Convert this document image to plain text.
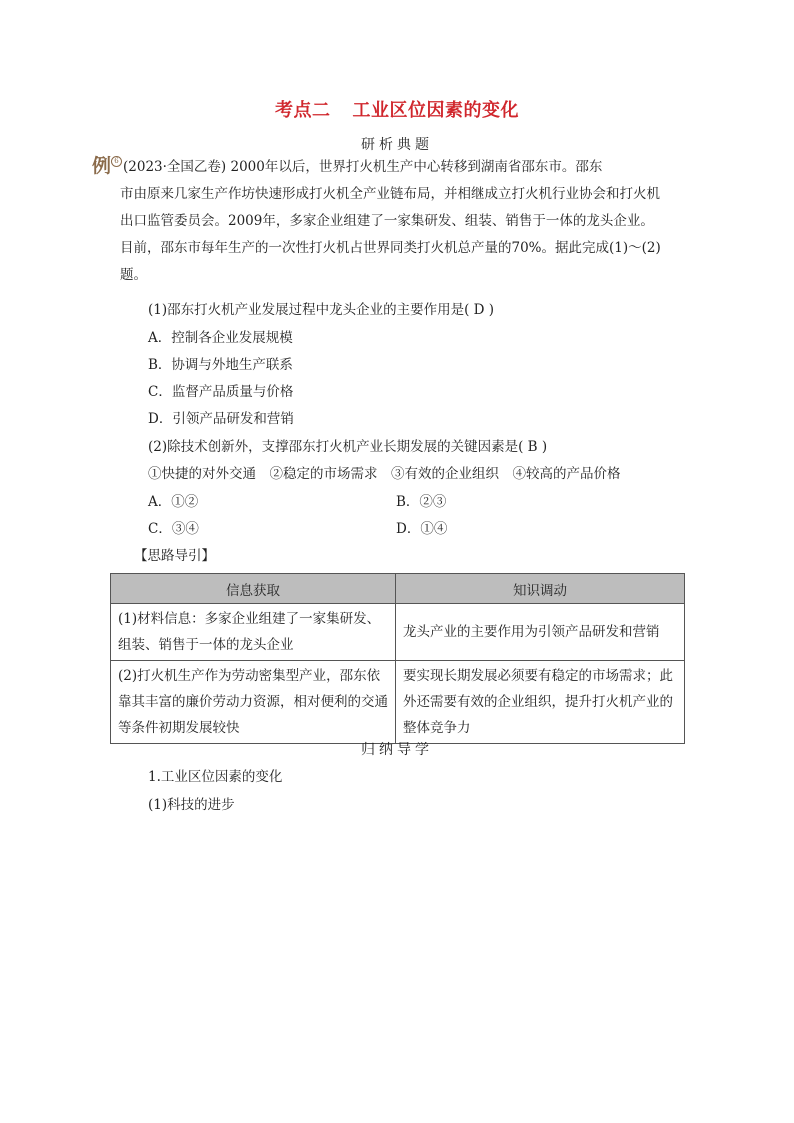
考点二 工业区位因素的变化
研析典题
例 6 (2023·全国乙卷) 2000年以后，世界打火机生产中心转移到湖南省邵东市。邵东
市由原来几家生产作坊快速形成打火机全产业链布局，并相继成立打火机行业协会和打火机
出口监管委员会。2009年，多家企业组建了一家集研发、组装、销售于一体的龙头企业。
目前，邵东市每年生产的一次性打火机占世界同类打火机总产量的70%。据此完成(1)～(2)
题。
(1)邵东打火机产业发展过程中龙头企业的主要作用是( D )
A．控制各企业发展规模
B．协调与外地生产联系
C．监督产品质量与价格
D．引领产品研发和营销
(2)除技术创新外，支撑邵东打火机产业长期发展的关键因素是( B )
①快捷的对外交通　②稳定的市场需求　③有效的企业组织　④较高的产品价格
A．①②	B．②③
C．③④	D．①④
【思路导引】
信息获取	知识调动
(1)材料信息：多家企业组建了一家集研发、组装、销售于一体的龙头企业	龙头产业的主要作用为引领产品研发和营销
(2)打火机生产作为劳动密集型产业，邵东依靠其丰富的廉价劳动力资源，相对便利的交通等条件初期发展较快	要实现长期发展必须要有稳定的市场需求；此外还需要有效的企业组织，提升打火机产业的整体竞争力
归纳导学
1.工业区位因素的变化
(1)科技的进步
